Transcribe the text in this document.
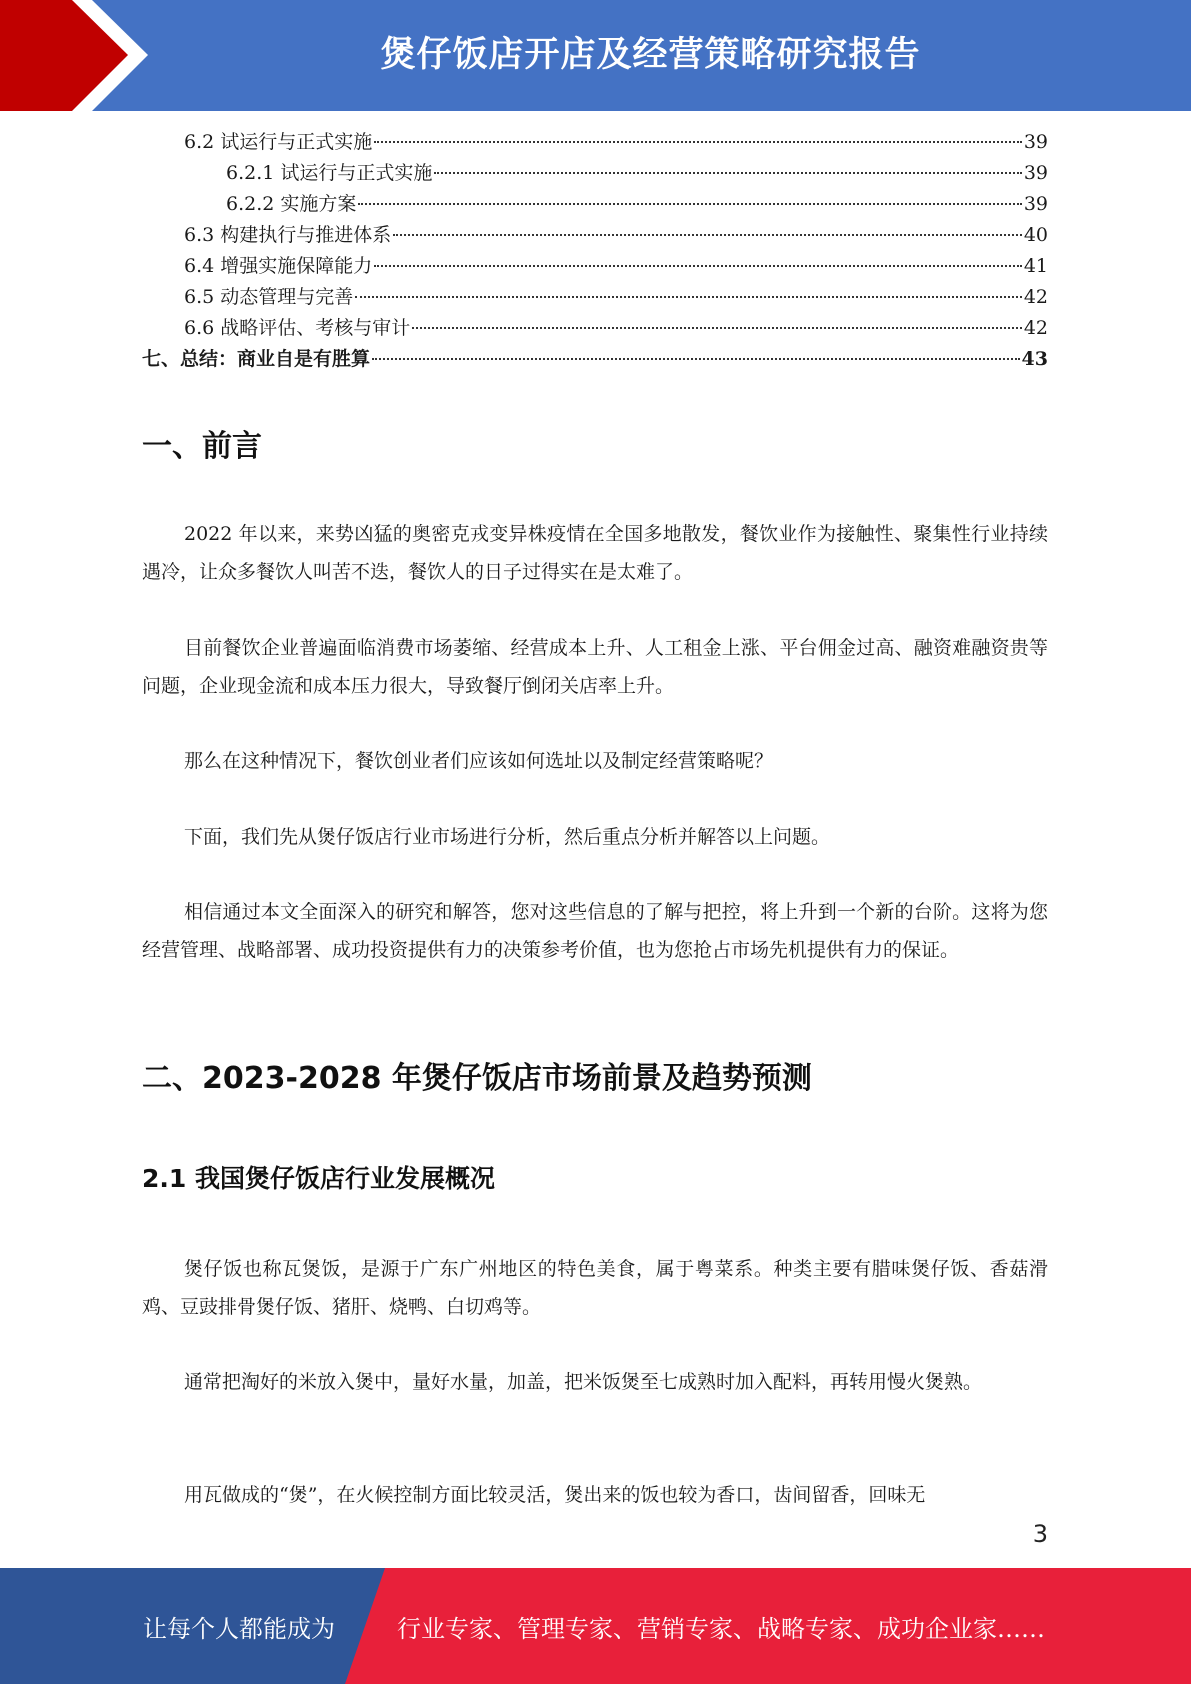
煲仔饭店开店及经营策略研究报告
6.2 试运行与正式实施	39
6.2.1 试运行与正式实施	39
6.2.2 实施方案	39
6.3 构建执行与推进体系	40
6.4 增强实施保障能力	41
6.5 动态管理与完善	42
6.6 战略评估、考核与审计	42
七、总结：商业自是有胜算	43
一、前言

2022 年以来，来势凶猛的奥密克戎变异株疫情在全国多地散发，餐饮业作为接触性、聚集性行业持续遇冷，让众多餐饮人叫苦不迭，餐饮人的日子过得实在是太难了。

目前餐饮企业普遍面临消费市场萎缩、经营成本上升、人工租金上涨、平台佣金过高、融资难融资贵等问题，企业现金流和成本压力很大，导致餐厅倒闭关店率上升。

那么在这种情况下，餐饮创业者们应该如何选址以及制定经营策略呢？

下面，我们先从煲仔饭店行业市场进行分析，然后重点分析并解答以上问题。

相信通过本文全面深入的研究和解答，您对这些信息的了解与把控，将上升到一个新的台阶。这将为您经营管理、战略部署、成功投资提供有力的决策参考价值，也为您抢占市场先机提供有力的保证。

二、2023-2028 年煲仔饭店市场前景及趋势预测
2.1 我国煲仔饭店行业发展概况

煲仔饭也称瓦煲饭，是源于广东广州地区的特色美食，属于粤菜系。种类主要有腊味煲仔饭、香菇滑鸡、豆豉排骨煲仔饭、猪肝、烧鸭、白切鸡等。

通常把淘好的米放入煲中，量好水量，加盖，把米饭煲至七成熟时加入配料，再转用慢火煲熟。

用瓦做成的“煲”，在火候控制方面比较灵活，煲出来的饭也较为香口，齿间留香，回味无

3
让每个人都能成为	行业专家、管理专家、营销专家、战略专家、成功企业家……
